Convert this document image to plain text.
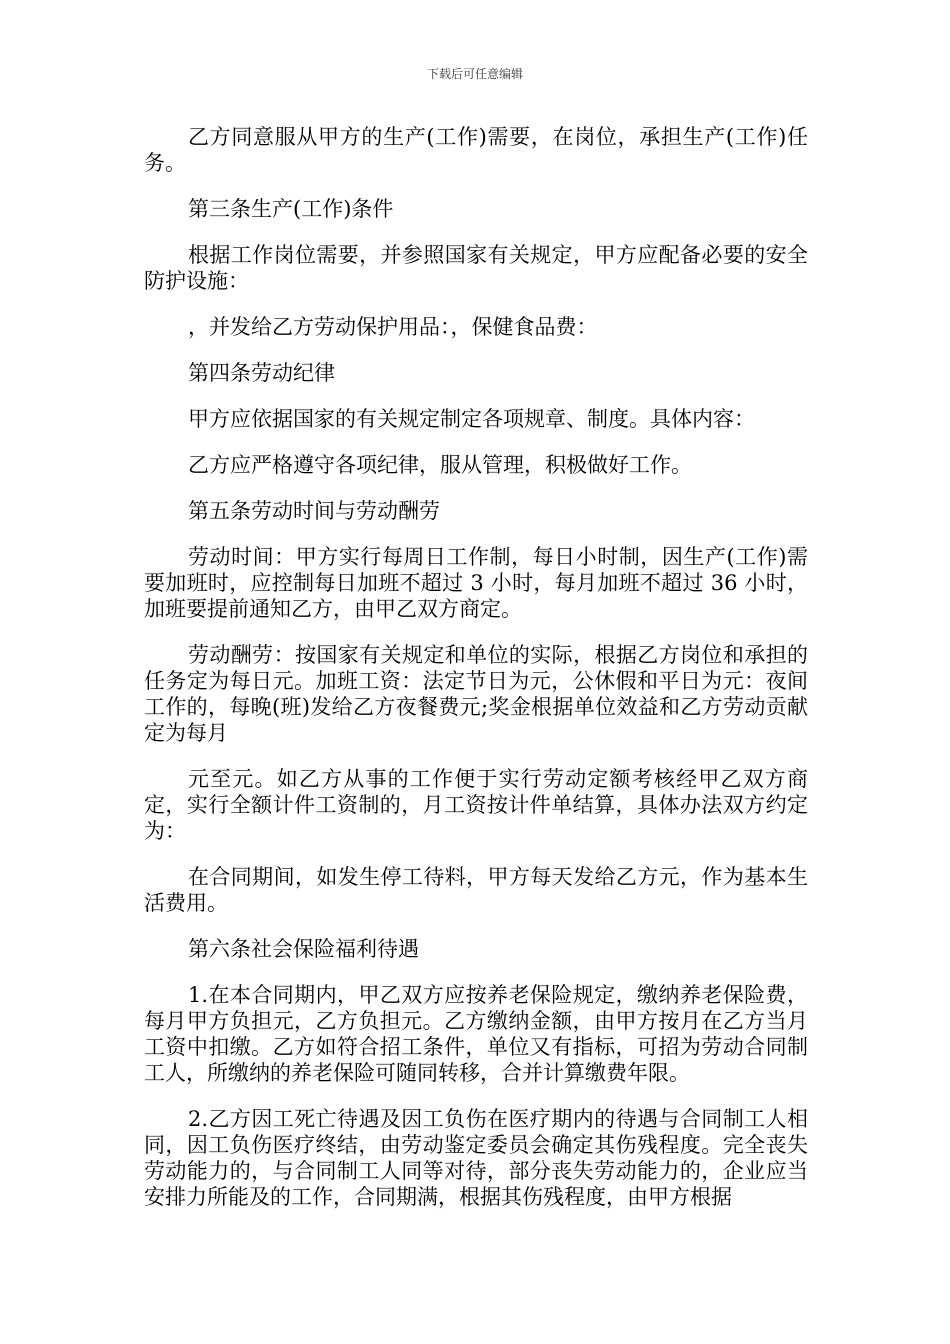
下载后可任意编辑

乙方同意服从甲方的生产(工作)需要，在岗位，承担生产(工作)任务。

第三条生产(工作)条件

根据工作岗位需要，并参照国家有关规定，甲方应配备必要的安全防护设施：

，并发给乙方劳动保护用品：，保健食品费：

第四条劳动纪律

甲方应依据国家的有关规定制定各项规章、制度。具体内容：

乙方应严格遵守各项纪律，服从管理，积极做好工作。

第五条劳动时间与劳动酬劳

劳动时间：甲方实行每周日工作制，每日小时制，因生产(工作)需要加班时，应控制每日加班不超过 3 小时，每月加班不超过 36 小时，加班要提前通知乙方，由甲乙双方商定。

劳动酬劳：按国家有关规定和单位的实际，根据乙方岗位和承担的任务定为每日元。加班工资：法定节日为元，公休假和平日为元：夜间工作的，每晚(班)发给乙方夜餐费元;奖金根据单位效益和乙方劳动贡献定为每月

元至元。如乙方从事的工作便于实行劳动定额考核经甲乙双方商定，实行全额计件工资制的，月工资按计件单结算，具体办法双方约定为：

在合同期间，如发生停工待料，甲方每天发给乙方元，作为基本生活费用。

第六条社会保险福利待遇

1.在本合同期内，甲乙双方应按养老保险规定，缴纳养老保险费，每月甲方负担元，乙方负担元。乙方缴纳金额，由甲方按月在乙方当月工资中扣缴。乙方如符合招工条件，单位又有指标，可招为劳动合同制工人，所缴纳的养老保险可随同转移，合并计算缴费年限。

2.乙方因工死亡待遇及因工负伤在医疗期内的待遇与合同制工人相同，因工负伤医疗终结，由劳动鉴定委员会确定其伤残程度。完全丧失劳动能力的，与合同制工人同等对待，部分丧失劳动能力的，企业应当安排力所能及的工作，合同期满，根据其伤残程度，由甲方根据
